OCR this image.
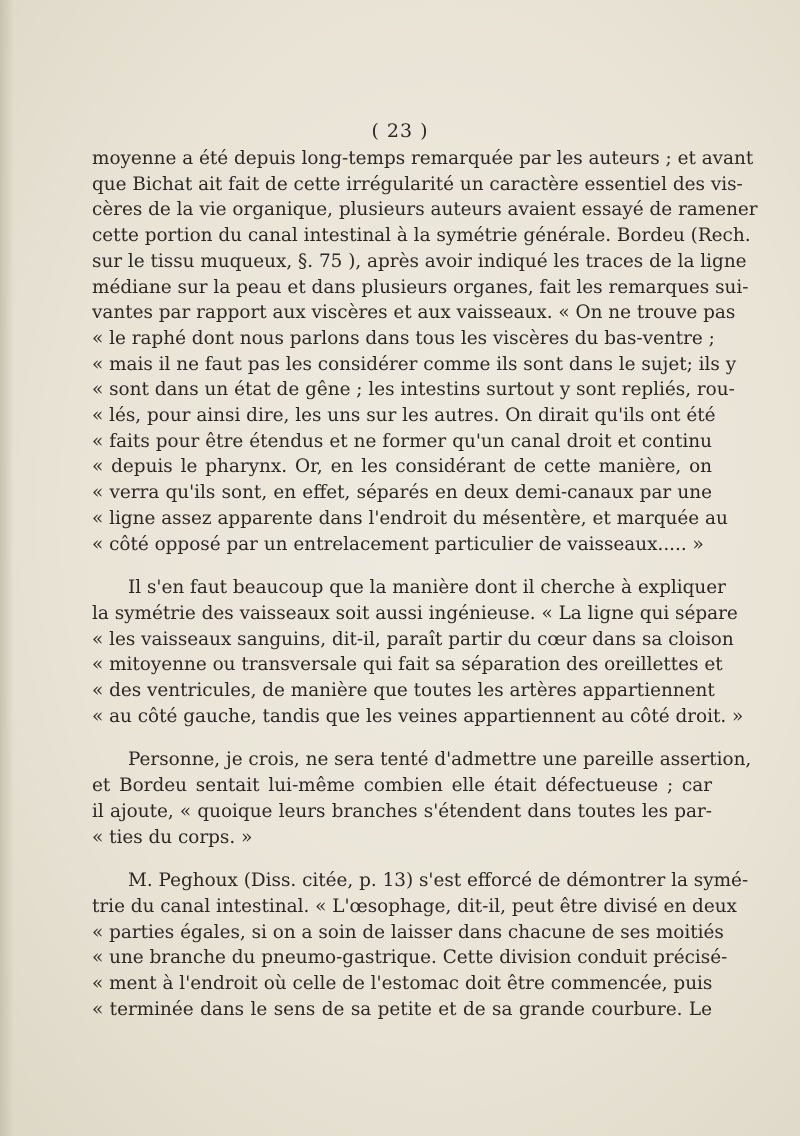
( 23 )
moyenne a été depuis long-temps remarquée par les auteurs ; et avant
que Bichat ait fait de cette irrégularité un caractère essentiel des vis-
cères de la vie organique, plusieurs auteurs avaient essayé de ramener
cette portion du canal intestinal à la symétrie générale. Bordeu (Rech.
sur le tissu muqueux, §. 75 ), après avoir indiqué les traces de la ligne
médiane sur la peau et dans plusieurs organes, fait les remarques sui-
vantes par rapport aux viscères et aux vaisseaux. « On ne trouve pas
« le raphé dont nous parlons dans tous les viscères du bas-ventre ;
« mais il ne faut pas les considérer comme ils sont dans le sujet; ils y
« sont dans un état de gêne ; les intestins surtout y sont repliés, rou-
« lés, pour ainsi dire, les uns sur les autres. On dirait qu'ils ont été
« faits pour être étendus et ne former qu'un canal droit et continu
« depuis le pharynx. Or, en les considérant de cette manière, on
« verra qu'ils sont, en effet, séparés en deux demi-canaux par une
« ligne assez apparente dans l'endroit du mésentère, et marquée au
« côté opposé par un entrelacement particulier de vaisseaux..... »
Il s'en faut beaucoup que la manière dont il cherche à expliquer
la symétrie des vaisseaux soit aussi ingénieuse. « La ligne qui sépare
« les vaisseaux sanguins, dit-il, paraît partir du cœur dans sa cloison
« mitoyenne ou transversale qui fait sa séparation des oreillettes et
« des ventricules, de manière que toutes les artères appartiennent
« au côté gauche, tandis que les veines appartiennent au côté droit. »
Personne, je crois, ne sera tenté d'admettre une pareille assertion,
et Bordeu sentait lui-même combien elle était défectueuse ; car
il ajoute, « quoique leurs branches s'étendent dans toutes les par-
« ties du corps. »
M. Peghoux (Diss. citée, p. 13) s'est efforcé de démontrer la symé-
trie du canal intestinal. « L'œsophage, dit-il, peut être divisé en deux
« parties égales, si on a soin de laisser dans chacune de ses moitiés
« une branche du pneumo-gastrique. Cette division conduit précisé-
« ment à l'endroit où celle de l'estomac doit être commencée, puis
« terminée dans le sens de sa petite et de sa grande courbure. Le
